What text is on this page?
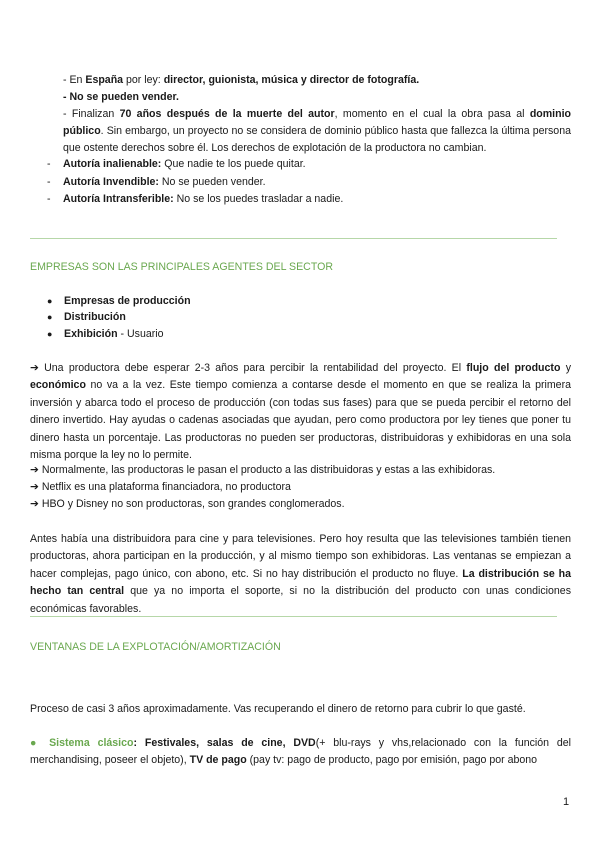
- En España por ley: director, guionista, música y director de fotografía.
- No se pueden vender.
- Finalizan 70 años después de la muerte del autor, momento en el cual la obra pasa al dominio público. Sin embargo, un proyecto no se considera de dominio público hasta que fallezca la última persona que ostente derechos sobre él. Los derechos de explotación de la productora no cambian.
- Autoría inalienable: Que nadie te los puede quitar.
- Autoría Invendible: No se pueden vender.
- Autoría Intransferible: No se los puedes trasladar a nadie.
EMPRESAS SON LAS PRINCIPALES AGENTES DEL SECTOR
● Empresas de producción
● Distribución
● Exhibición - Usuario
➔ Una productora debe esperar 2-3 años para percibir la rentabilidad del proyecto. El flujo del producto y económico no va a la vez. Este tiempo comienza a contarse desde el momento en que se realiza la primera inversión y abarca todo el proceso de producción (con todas sus fases) para que se pueda percibir el retorno del dinero invertido. Hay ayudas o cadenas asociadas que ayudan, pero como productora por ley tienes que poner tu dinero hasta un porcentaje. Las productoras no pueden ser productoras, distribuidoras y exhibidoras en una sola misma porque la ley no lo permite.
➔ Normalmente, las productoras le pasan el producto a las distribuidoras y estas a las exhibidoras.
➔ Netflix es una plataforma financiadora, no productora
➔ HBO y Disney no son productoras, son grandes conglomerados.
Antes había una distribuidora para cine y para televisiones. Pero hoy resulta que las televisiones también tienen productoras, ahora participan en la producción, y al mismo tiempo son exhibidoras. Las ventanas se empiezan a hacer complejas, pago único, con abono, etc. Si no hay distribución el producto no fluye. La distribución se ha hecho tan central que ya no importa el soporte, si no la distribución del producto con unas condiciones económicas favorables.
VENTANAS DE LA EXPLOTACIÓN/AMORTIZACIÓN
Proceso de casi 3 años aproximadamente. Vas recuperando el dinero de retorno para cubrir lo que gasté.
● Sistema clásico: Festivales, salas de cine, DVD(+ blu-rays y vhs,relacionado con la función del merchandising, poseer el objeto), TV de pago (pay tv: pago de producto, pago por emisión, pago por abono
1
